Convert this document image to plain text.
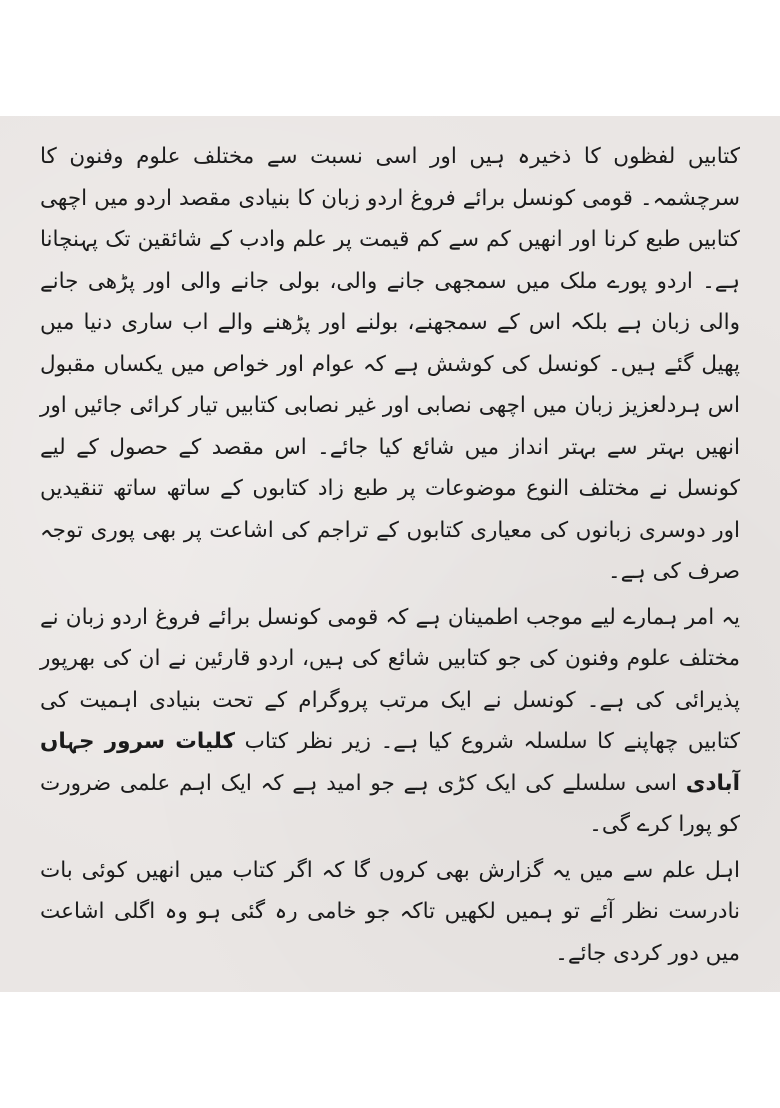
کتابیں لفظوں کا ذخیرہ ہیں اور اسی نسبت سے مختلف علوم وفنون کا سرچشمہ۔ قومی کونسل برائے فروغ اردو زبان کا بنیادی مقصد اردو میں اچھی کتابیں طبع کرنا اور انھیں کم سے کم قیمت پر علم وادب کے شائقین تک پہنچانا ہے۔ اردو پورے ملک میں سمجھی جانے والی، بولی جانے والی اور پڑھی جانے والی زبان ہے بلکہ اس کے سمجھنے، بولنے اور پڑھنے والے اب ساری دنیا میں پھیل گئے ہیں۔ کونسل کی کوشش ہے کہ عوام اور خواص میں یکساں مقبول اس ہردلعزیز زبان میں اچھی نصابی اور غیر نصابی کتابیں تیار کرائی جائیں اور انھیں بہتر سے بہتر انداز میں شائع کیا جائے۔ اس مقصد کے حصول کے لیے کونسل نے مختلف النوع موضوعات پر طبع زاد کتابوں کے ساتھ ساتھ تنقیدیں اور دوسری زبانوں کی معیاری کتابوں کے تراجم کی اشاعت پر بھی پوری توجہ صرف کی ہے۔

یہ امر ہمارے لیے موجب اطمینان ہے کہ قومی کونسل برائے فروغ اردو زبان نے مختلف علوم وفنون کی جو کتابیں شائع کی ہیں، اردو قارئین نے ان کی بھرپور پذیرائی کی ہے۔ کونسل نے ایک مرتب پروگرام کے تحت بنیادی اہمیت کی کتابیں چھاپنے کا سلسلہ شروع کیا ہے۔ زیر نظر کتاب کلیات سرور جہاں آبادی اسی سلسلے کی ایک کڑی ہے جو امید ہے کہ ایک اہم علمی ضرورت کو پورا کرے گی۔

اہل علم سے میں یہ گزارش بھی کروں گا کہ اگر کتاب میں انھیں کوئی بات نادرست نظر آئے تو ہمیں لکھیں تاکہ جو خامی رہ گئی ہو وہ اگلی اشاعت میں دور کردی جائے۔
